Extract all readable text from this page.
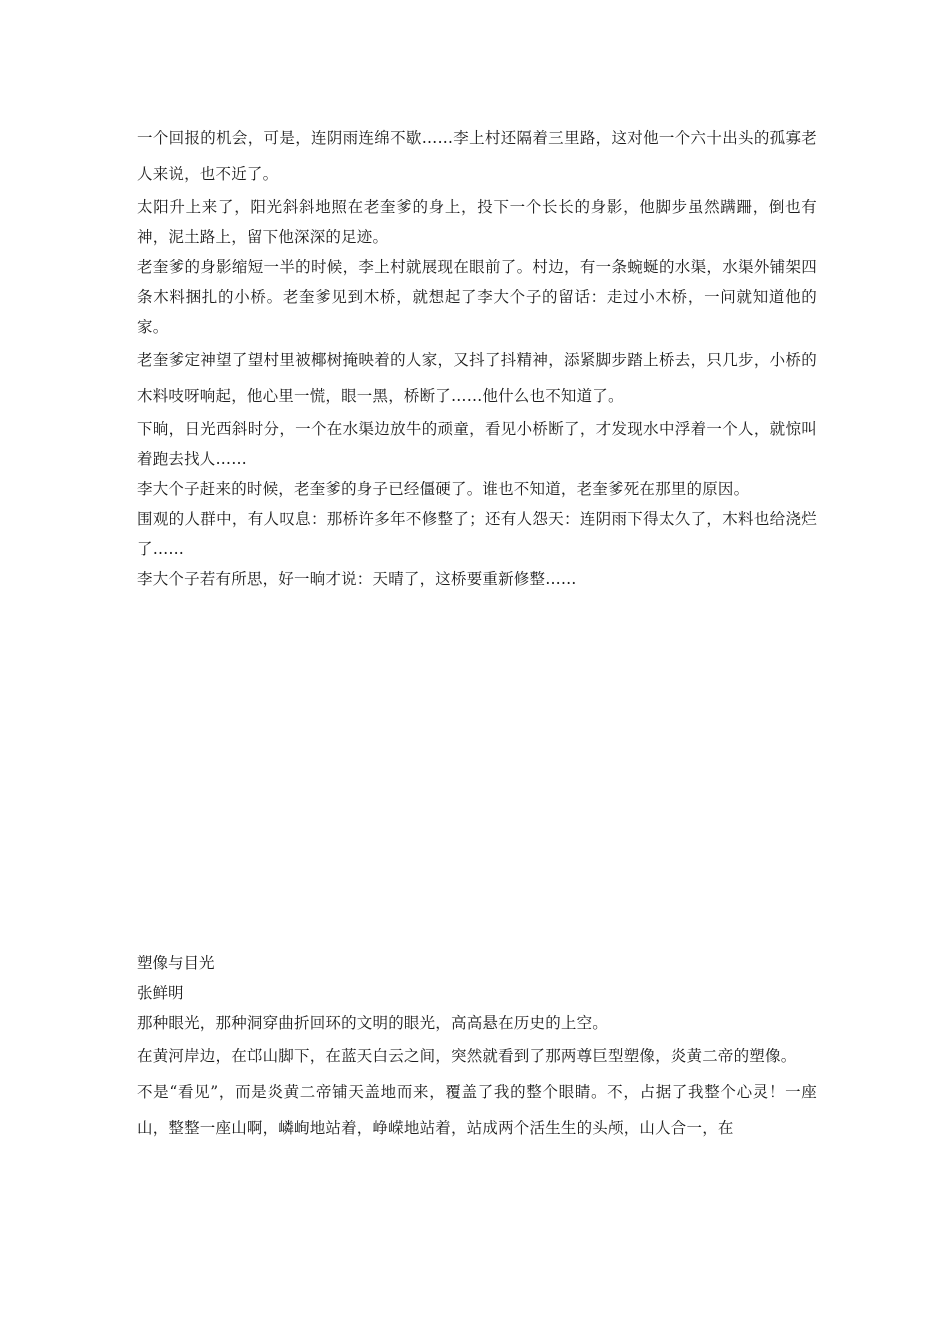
一个回报的机会，可是，连阴雨连绵不歇……李上村还隔着三里路，这对他一个六十出头的孤寡老人来说，也不近了。

太阳升上来了，阳光斜斜地照在老奎爹的身上，投下一个长长的身影，他脚步虽然蹒跚，倒也有神，泥土路上，留下他深深的足迹。

老奎爹的身影缩短一半的时候，李上村就展现在眼前了。村边，有一条蜿蜒的水渠，水渠外铺架四条木料捆扎的小桥。老奎爹见到木桥，就想起了李大个子的留话：走过小木桥，一问就知道他的家。

老奎爹定神望了望村里被椰树掩映着的人家，又抖了抖精神，添紧脚步踏上桥去，只几步，小桥的木料吱呀响起，他心里一慌，眼一黑，桥断了……他什么也不知道了。

下晌，日光西斜时分，一个在水渠边放牛的顽童，看见小桥断了，才发现水中浮着一个人，就惊叫着跑去找人……

李大个子赶来的时候，老奎爹的身子已经僵硬了。谁也不知道，老奎爹死在那里的原因。

围观的人群中，有人叹息：那桥许多年不修整了；还有人怨天：连阴雨下得太久了，木料也给浇烂了……

李大个子若有所思，好一晌才说：天晴了，这桥要重新修整……

塑像与目光

张鲜明

那种眼光，那种洞穿曲折回环的文明的眼光，高高悬在历史的上空。

在黄河岸边，在邙山脚下，在蓝天白云之间，突然就看到了那两尊巨型塑像，炎黄二帝的塑像。

不是“看见”，而是炎黄二帝铺天盖地而来，覆盖了我的整个眼睛。不，占据了我整个心灵！一座山，整整一座山啊，嶙峋地站着，峥嵘地站着，站成两个活生生的头颅，山人合一，在
